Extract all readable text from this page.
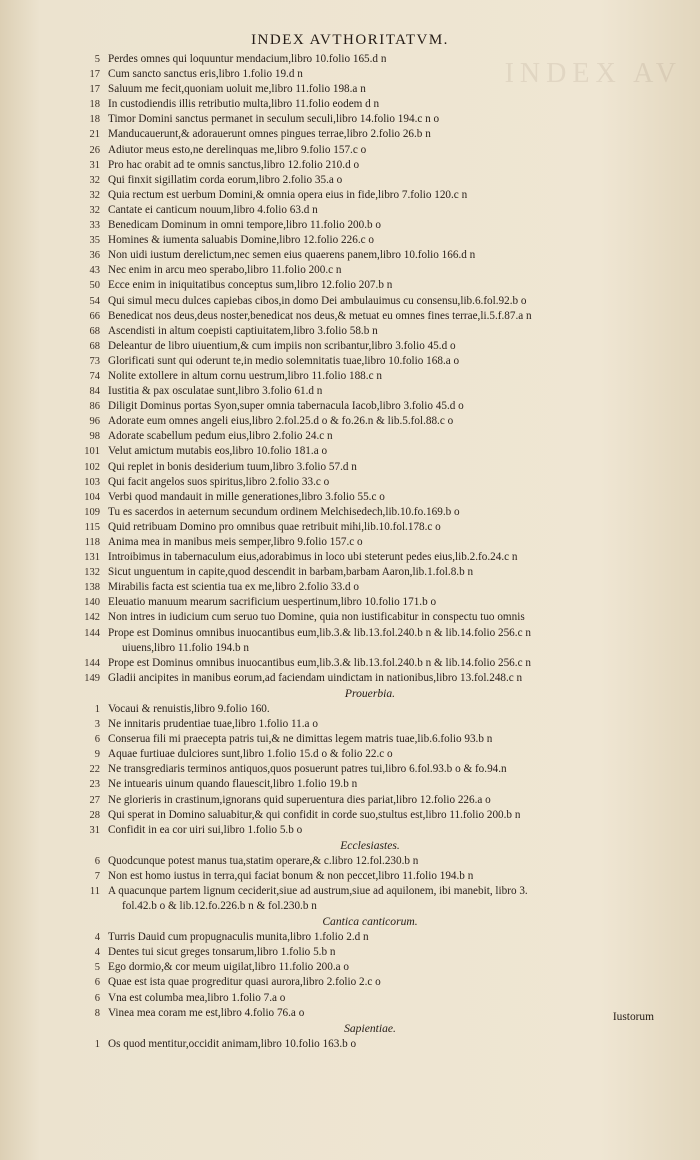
INDEX AV
INDEX AVTHORITATVM.
5 Perdes omnes qui loquuntur mendacium,libro 10.folio 165.d n
17 Cum sancto sanctus eris,libro 1.folio 19.d n
17 Saluum me fecit,quoniam uoluit me,libro 11.folio 198.a n
18 In custodiendis illis retributio multa,libro 11.folio eodem d n
18 Timor Domini sanctus permanet in seculum seculi,libro 14.folio 194.c n o
21 Manducauerunt,& adorauerunt omnes pingues terrae,libro 2.folio 26.b n
26 Adiutor meus esto,ne derelinquas me,libro 9.folio 157.c o
31 Pro hac orabit ad te omnis sanctus,libro 12.folio 210.d o
32 Qui finxit sigillatim corda eorum,libro 2.folio 35.a o
32 Quia rectum est uerbum Domini,& omnia opera eius in fide,libro 7.folio 120.c n
32 Cantate ei canticum nouum,libro 4.folio 63.d n
33 Benedicam Dominum in omni tempore,libro 11.folio 200.b o
35 Homines & iumenta saluabis Domine,libro 12.folio 226.c o
36 Non uidi iustum derelictum,nec semen eius quaerens panem,libro 10.folio 166.d n
43 Nec enim in arcu meo sperabo,libro 11.folio 200.c n
50 Ecce enim in iniquitatibus conceptus sum,libro 12.folio 207.b n
54 Qui simul mecu dulces capiebas cibos,in domo Dei ambulauimus cu consensu,lib.6.fol.92.b o
66 Benedicat nos deus,deus noster,benedicat nos deus,& metuat eu omnes fines terrae,li.5.f.87.a n
68 Ascendisti in altum coepisti captiuitatem,libro 3.folio 58.b n
68 Deleantur de libro uiuentium,& cum impiis non scribantur,libro 3.folio 45.d o
73 Glorificati sunt qui oderunt te,in medio solemnitatis tuae,libro 10.folio 168.a o
74 Nolite extollere in altum cornu uestrum,libro 11.folio 188.c n
84 Iustitia & pax osculatae sunt,libro 3.folio 61.d n
86 Diligit Dominus portas Syon,super omnia tabernacula Iacob,libro 3.folio 45.d o
96 Adorate eum omnes angeli eius,libro 2.fol.25.d o & fo.26.n & lib.5.fol.88.c o
98 Adorate scabellum pedum eius,libro 2.folio 24.c n
101 Velut amictum mutabis eos,libro 10.folio 181.a o
102 Qui replet in bonis desiderium tuum,libro 3.folio 57.d n
103 Qui facit angelos suos spiritus,libro 2.folio 33.c o
104 Verbi quod mandauit in mille generationes,libro 3.folio 55.c o
109 Tu es sacerdos in aeternum secundum ordinem Melchisedech,lib.10.fo.169.b o
115 Quid retribuam Domino pro omnibus quae retribuit mihi,lib.10.fol.178.c o
118 Anima mea in manibus meis semper,libro 9.folio 157.c o
131 Introibimus in tabernaculum eius,adorabimus in loco ubi steterunt pedes eius,lib.2.fo.24.c n
132 Sicut unguentum in capite,quod descendit in barbam,barbam Aaron,lib.1.fol.8.b n
138 Mirabilis facta est scientia tua ex me,libro 2.folio 33.d o
140 Eleuatio manuum mearum sacrificium uespertinum,libro 10.folio 171.b o
142 Non intres in iudicium cum seruo tuo Domine, quia non iustificabitur in conspectu tuo omnis
144 Prope est Dominus omnibus inuocantibus eum,lib.3.& lib.13.fol.240.b n & lib.14.folio 256.c n
uiuens,libro 11.folio 194.b n
144 Prope est Dominus omnibus inuocantibus eum,lib.3.& lib.13.fol.240.b n & lib.14.folio 256.c n
149 Gladii ancipites in manibus eorum,ad faciendam uindictam in nationibus,libro 13.fol.248.c n
Prouerbia.
1 Vocaui & renuistis,libro 9.folio 160.
3 Ne innitaris prudentiae tuae,libro 1.folio 11.a o
6 Conserua fili mi praecepta patris tui,& ne dimittas legem matris tuae,lib.6.folio 93.b n
9 Aquae furtiuae dulciores sunt,libro 1.folio 15.d o & folio 22.c o
22 Ne transgrediaris terminos antiquos,quos posuerunt patres tui,libro 6.fol.93.b o & fo.94.n
23 Ne intuearis uinum quando flauescit,libro 1.folio 19.b n
27 Ne glorieris in crastinum,ignorans quid superuentura dies pariat,libro 12.folio 226.a o
28 Qui sperat in Domino saluabitur,& qui confidit in corde suo,stultus est,libro 11.folio 200.b n
31 Confidit in ea cor uiri sui,libro 1.folio 5.b o
Ecclesiastes.
6 Quodcunque potest manus tua,statim operare,& c.libro 12.fol.230.b n
7 Non est homo iustus in terra,qui faciat bonum & non peccet,libro 11.folio 194.b n
11 A quacunque partem lignum ceciderit,siue ad austrum,siue ad aquilonem, ibi manebit, libro 3.
fol.42.b o & lib.12.fo.226.b n & fol.230.b n
Cantica canticorum.
4 Turris Dauid cum propugnaculis munita,libro 1.folio 2.d n
4 Dentes tui sicut greges tonsarum,libro 1.folio 5.b n
5 Ego dormio,& cor meum uigilat,libro 11.folio 200.a o
6 Quae est ista quae progreditur quasi aurora,libro 2.folio 2.c o
6 Vna est columba mea,libro 1.folio 7.a o
8 Vinea mea coram me est,libro 4.folio 76.a o
Sapientiae.
1 Os quod mentitur,occidit animam,libro 10.folio 163.b o
Iustorum
